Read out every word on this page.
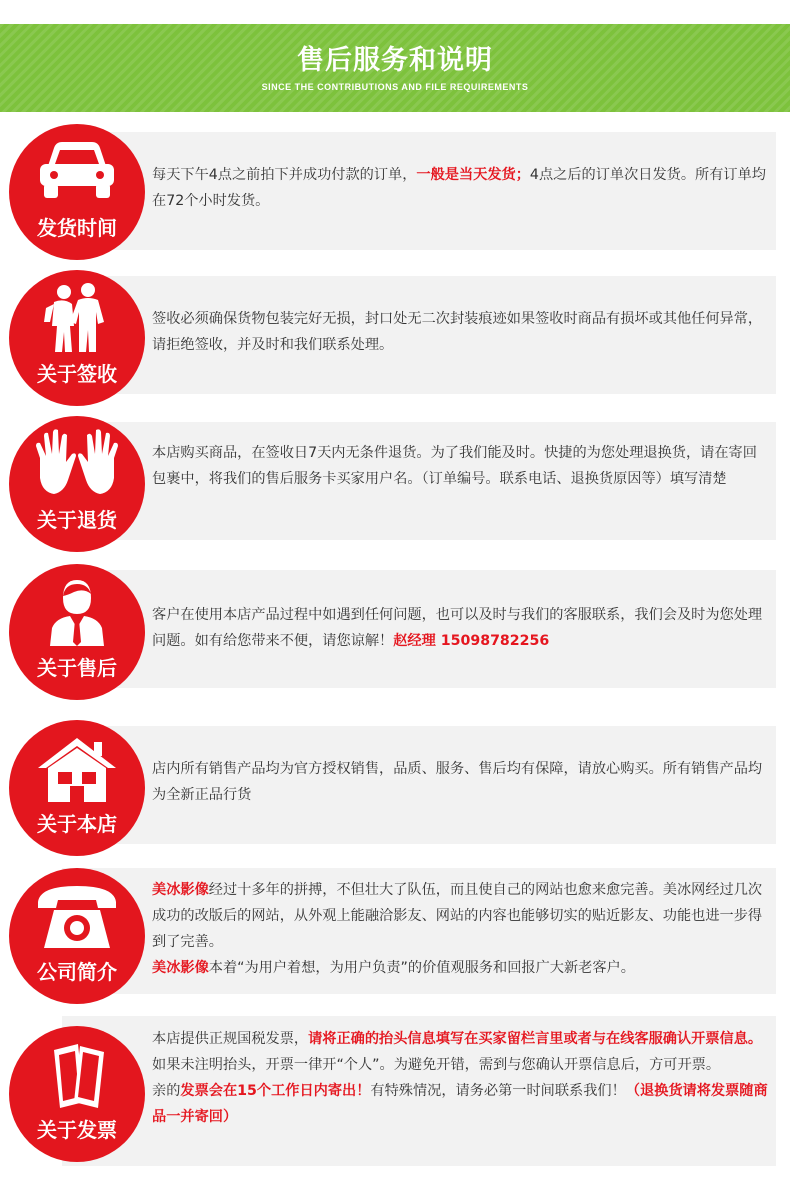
售后服务和说明
SINCE THE CONTRIBUTIONS AND FILE REQUIREMENTS
每天下午4点之前拍下并成功付款的订单，一般是当天发货；4点之后的订单次日发货。所有订单均在72个小时发货。
发货时间
签收必须确保货物包装完好无损，封口处无二次封装痕迹如果签收时商品有损坏或其他任何异常，请拒绝签收，并及时和我们联系处理。
关于签收
本店购买商品，在签收日7天内无条件退货。为了我们能及时。快捷的为您处理退换货，请在寄回包裹中，将我们的售后服务卡买家用户名。（订单编号。联系电话、退换货原因等）填写清楚
关于退货
客户在使用本店产品过程中如遇到任何问题，也可以及时与我们的客服联系，我们会及时为您处理问题。如有给您带来不便，请您谅解！赵经理 15098782256
关于售后
店内所有销售产品均为官方授权销售，品质、服务、售后均有保障，请放心购买。所有销售产品均为全新正品行货
关于本店
美冰影像经过十多年的拼搏，不但壮大了队伍，而且使自己的网站也愈来愈完善。美冰网经过几次成功的改版后的网站，从外观上能融洽影友、网站的内容也能够切实的贴近影友、功能也进一步得到了完善。
美冰影像本着“为用户着想，为用户负责”的价值观服务和回报广大新老客户。
公司简介
本店提供正规国税发票，请将正确的抬头信息填写在买家留栏言里或者与在线客服确认开票信息。如果未注明抬头，开票一律开“个人”。为避免开错，需到与您确认开票信息后，方可开票。
亲的发票会在15个工作日内寄出！有特殊情况，请务必第一时间联系我们！（退换货请将发票随商品一并寄回）
关于发票
